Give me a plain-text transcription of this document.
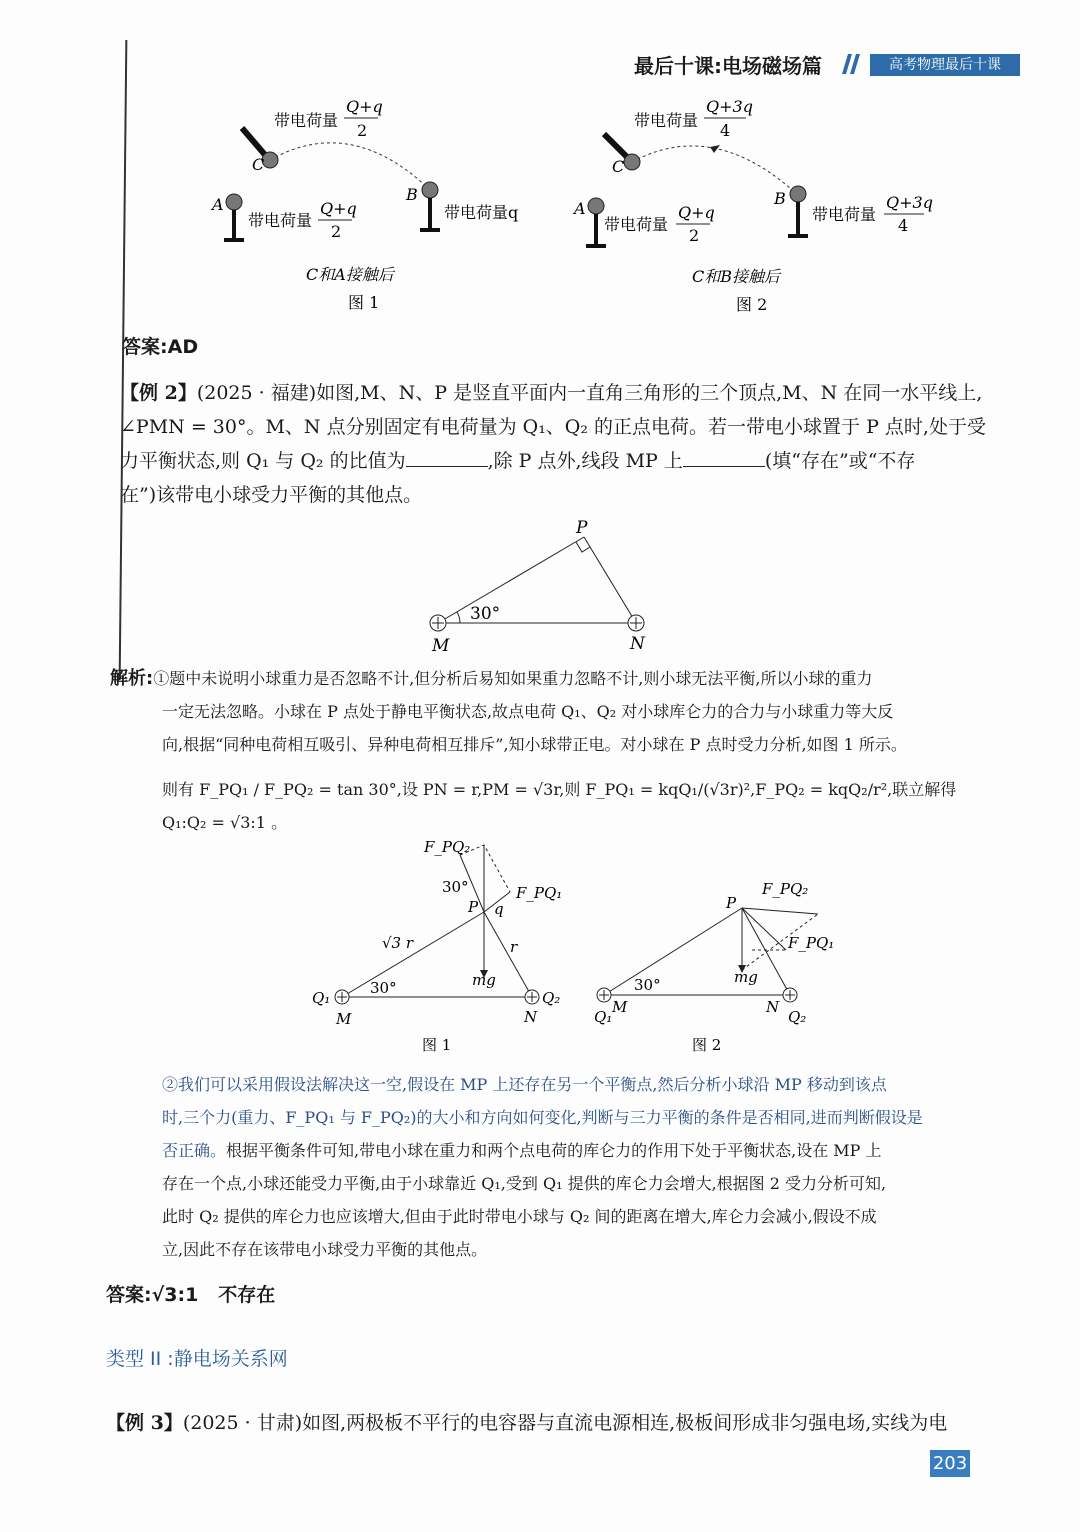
最后十课:电场磁场篇	高考物理最后十课
C
A
B
带电荷量
Q+q
2
带电荷量
Q+q
2
带电荷量q
C和A接触后
图 1
C
A
B
带电荷量
Q+3q
4
带电荷量
Q+q
2
带电荷量
Q+3q
4
C和B接触后
图 2
答案:AD
【例 2】(2025 · 福建)如图,M、N、P 是竖直平面内一直角三角形的三个顶点,M、N 在同一水平线上,
∠PMN = 30°。M、N 点分别固定有电荷量为 Q₁、Q₂ 的正点电荷。若一带电小球置于 P 点时,处于受
力平衡状态,则 Q₁ 与 Q₂ 的比值为	,除 P 点外,线段 MP 上	(填“存在”或“不存
在”)该带电小球受力平衡的其他点。
P
M	N
30°
解析:①题中未说明小球重力是否忽略不计,但分析后易知如果重力忽略不计,则小球无法平衡,所以小球的重力
一定无法忽略。小球在 P 点处于静电平衡状态,故点电荷 Q₁、Q₂ 对小球库仑力的合力与小球重力等大反
向,根据“同种电荷相互吸引、异种电荷相互排斥”,知小球带正电。对小球在 P 点时受力分析,如图 1 所示。
则有 F_PQ₁ / F_PQ₂ = tan 30°,设 PN = r,PM = √3r,则 F_PQ₁ = kqQ₁/(√3r)²,F_PQ₂ = kqQ₂/r²,联立解得 Q₁:Q₂ = √3:1 。
F_PQ₂
F_PQ₁
30°
P q
√3 r	r
mg
Q₁	Q₂
M	N
30°
图 1
P
F_PQ₂
F_PQ₁
mg
30°
M	N
Q₁	Q₂
图 2
②我们可以采用假设法解决这一空,假设在 MP 上还存在另一个平衡点,然后分析小球沿 MP 移动到该点
时,三个力(重力、F_PQ₁ 与 F_PQ₂)的大小和方向如何变化,判断与三力平衡的条件是否相同,进而判断假设是
否正确。根据平衡条件可知,带电小球在重力和两个点电荷的库仑力的作用下处于平衡状态,设在 MP 上
存在一个点,小球还能受力平衡,由于小球靠近 Q₁,受到 Q₁ 提供的库仑力会增大,根据图 2 受力分析可知,
此时 Q₂ 提供的库仑力也应该增大,但由于此时带电小球与 Q₂ 间的距离在增大,库仑力会减小,假设不成
立,因此不存在该带电小球受力平衡的其他点。
答案:√3:1 不存在
类型 II :静电场关系网
【例 3】(2025 · 甘肃)如图,两极板不平行的电容器与直流电源相连,极板间形成非匀强电场,实线为电
203
